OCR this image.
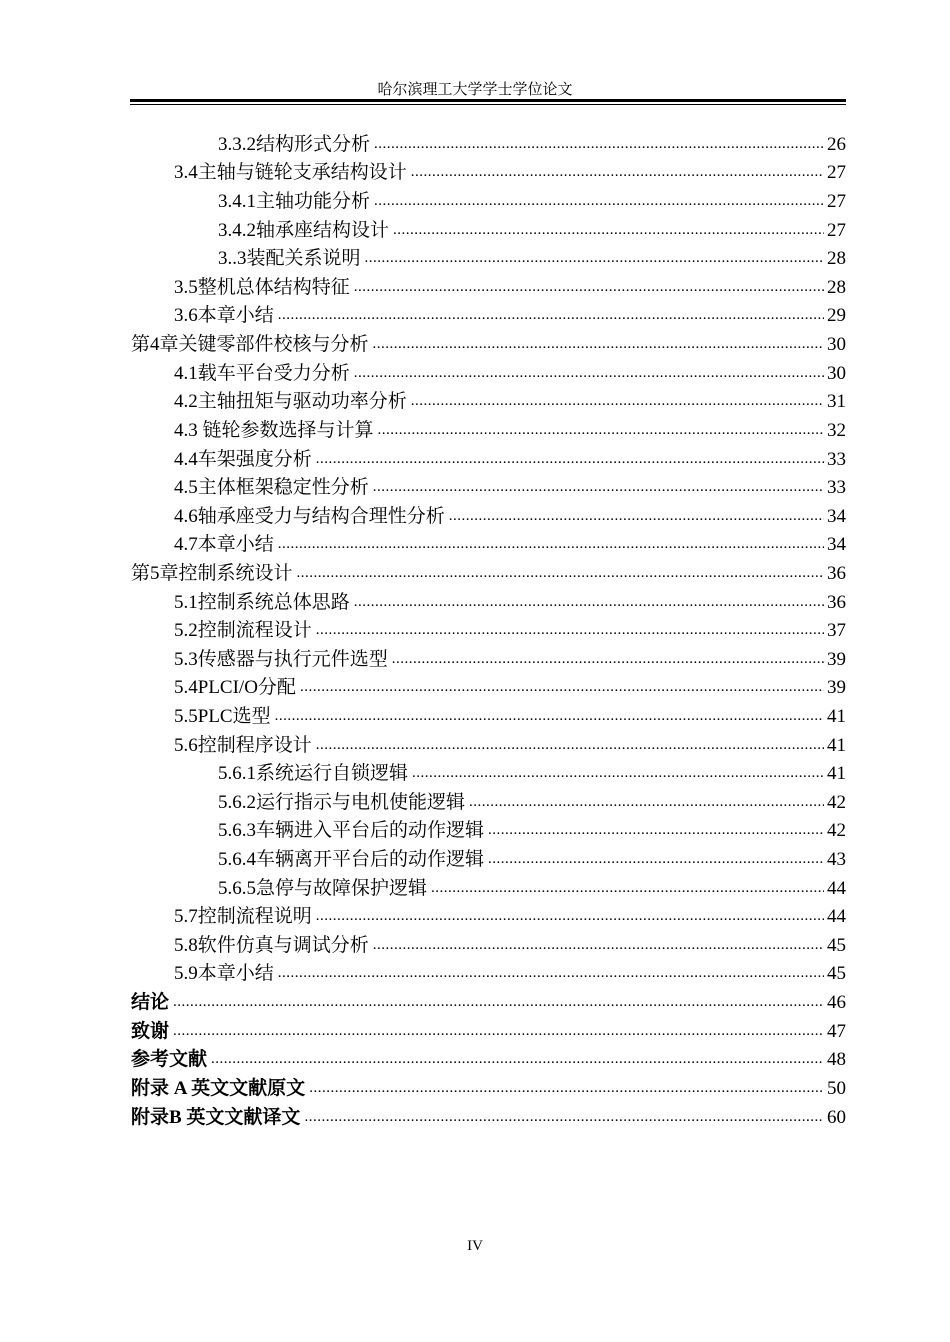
哈尔滨理工大学学士学位论文
3.3.2结构形式分析 .....	26
3.4主轴与链轮支承结构设计 .....	27
3.4.1主轴功能分析 .....	27
3.4.2轴承座结构设计 .....	27
3..3装配关系说明 .....	28
3.5整机总体结构特征 .....	28
3.6本章小结 .....	29
第4章关键零部件校核与分析 .....	30
4.1载车平台受力分析 .....	30
4.2主轴扭矩与驱动功率分析 .....	31
4.3 链轮参数选择与计算 .....	32
4.4车架强度分析 .....	33
4.5主体框架稳定性分析 .....	33
4.6轴承座受力与结构合理性分析 .....	34
4.7本章小结 .....	34
第5章控制系统设计 .....	36
5.1控制系统总体思路 .....	36
5.2控制流程设计 .....	37
5.3传感器与执行元件选型 .....	39
5.4PLCI/O分配 .....	39
5.5PLC选型 .....	41
5.6控制程序设计 .....	41
5.6.1系统运行自锁逻辑 .....	41
5.6.2运行指示与电机使能逻辑 .....	42
5.6.3车辆进入平台后的动作逻辑 .....	42
5.6.4车辆离开平台后的动作逻辑 .....	43
5.6.5急停与故障保护逻辑 .....	44
5.7控制流程说明 .....	44
5.8软件仿真与调试分析 .....	45
5.9本章小结 .....	45
结论 .....	46
致谢 .....	47
参考文献 .....	48
附录 A 英文文献原文 .....	50
附录B 英文文献译文 .....	60
IV
